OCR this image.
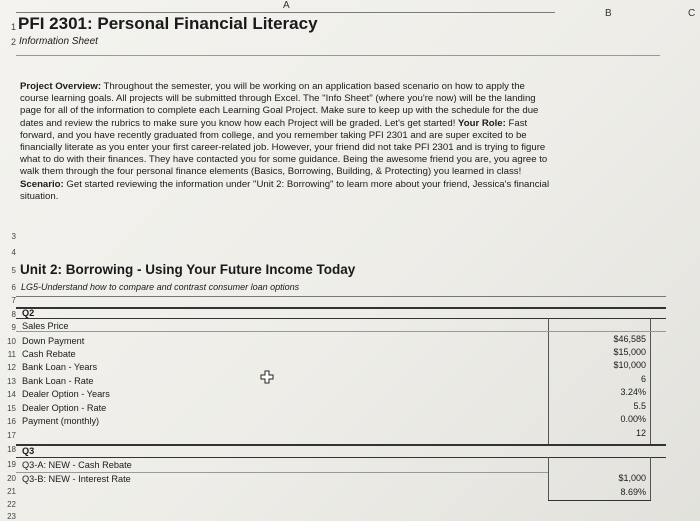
A
B	C
1
2
3
4
5
6
7
8
9
10
11
12
13
14
15
16
17
18
19
20
21
22
23
PFI 2301: Personal Financial Literacy
Information Sheet
Project Overview: Throughout the semester, you will be working on an application based scenario on how to apply the course learning goals. All projects will be submitted through Excel. The "Info Sheet" (where you're now) will be the landing page for all of the information to complete each Learning Goal Project. Make sure to keep up with the schedule for the due dates and review the rubrics to make sure you know how each Project will be graded. Let's get started! Your Role: Fast forward, and you have recently graduated from college, and you remember taking PFI 2301 and are super excited to be financially literate as you enter your first career-related job. However, your friend did not take PFI 2301 and is trying to figure what to do with their finances. They have contacted you for some guidance. Being the awesome friend you are, you agree to walk them through the four personal finance elements (Basics, Borrowing, Building, & Protecting) you learned in class! Scenario: Get started reviewing the information under "Unit 2: Borrowing" to learn more about your friend, Jessica's financial situation.
Unit 2: Borrowing - Using Your Future Income Today
LG5-Understand how to compare and contrast consumer loan options
Q2
Sales Price
Down Payment
Cash Rebate
Bank Loan - Years
Bank Loan - Rate
Dealer Option - Years
Dealer Option - Rate
Payment (monthly)
$46,585
$15,000
$10,000
6
3.24%
5.5
0.00%
12
Q3
Q3-A: NEW - Cash Rebate
Q3-B: NEW - Interest Rate	$1,000
8.69%
